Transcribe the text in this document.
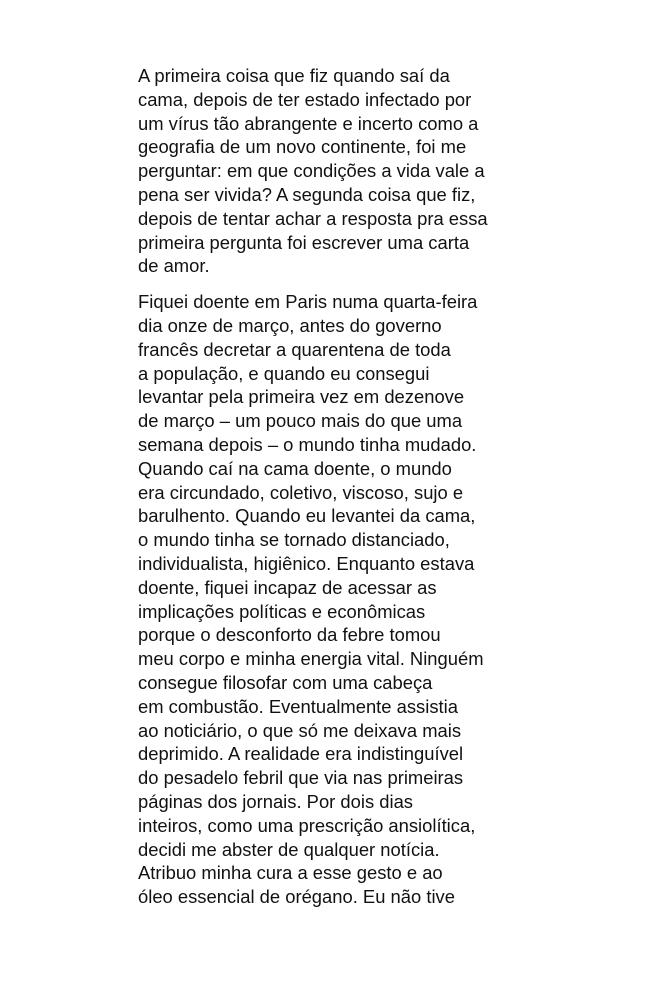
A primeira coisa que fiz quando saí da
cama, depois de ter estado infectado por
um vírus tão abrangente e incerto como a
geografia de um novo continente, foi me
perguntar: em que condições a vida vale a
pena ser vivida? A segunda coisa que fiz,
depois de tentar achar a resposta pra essa
primeira pergunta foi escrever uma carta
de amor.

Fiquei doente em Paris numa quarta-feira
dia onze de março, antes do governo
francês decretar a quarentena de toda
a população, e quando eu consegui
levantar pela primeira vez em dezenove
de março – um pouco mais do que uma
semana depois – o mundo tinha mudado.
Quando caí na cama doente, o mundo
era circundado, coletivo, viscoso, sujo e
barulhento. Quando eu levantei da cama,
o mundo tinha se tornado distanciado,
individualista, higiênico. Enquanto estava
doente, fiquei incapaz de acessar as
implicações políticas e econômicas
porque o desconforto da febre tomou
meu corpo e minha energia vital. Ninguém
consegue filosofar com uma cabeça
em combustão. Eventualmente assistia
ao noticiário, o que só me deixava mais
deprimido. A realidade era indistinguível
do pesadelo febril que via nas primeiras
páginas dos jornais. Por dois dias
inteiros, como uma prescrição ansiolítica,
decidi me abster de qualquer notícia.
Atribuo minha cura a esse gesto e ao
óleo essencial de orégano. Eu não tive
